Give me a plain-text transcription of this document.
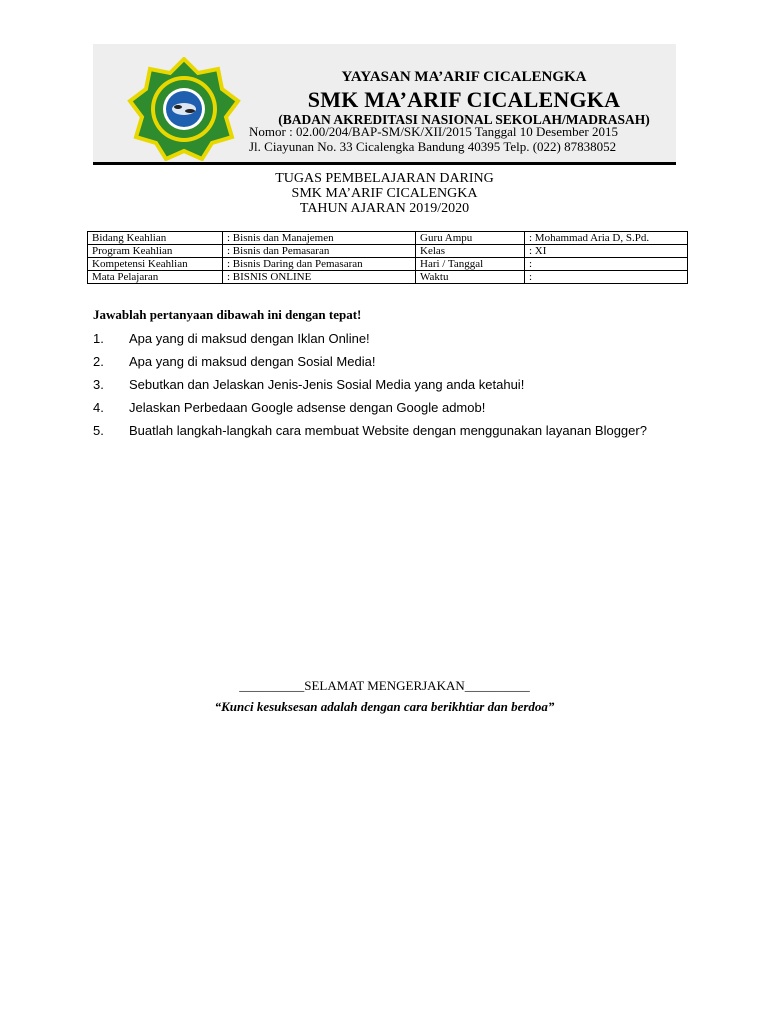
YAYASAN MA’ARIF CICALENGKA
SMK MA’ARIF CICALENGKA
(BADAN AKREDITASI NASIONAL SEKOLAH/MADRASAH)
Nomor : 02.00/204/BAP-SM/SK/XII/2015 Tanggal 10 Desember 2015
Jl. Ciayunan No. 33 Cicalengka Bandung 40395 Telp. (022) 87838052
TUGAS PEMBELAJARAN DARING
SMK MA’ARIF CICALENGKA
TAHUN AJARAN 2019/2020
Bidang Keahlian	: Bisnis dan Manajemen	Guru Ampu	: Mohammad Aria D, S.Pd.
Program Keahlian	: Bisnis dan Pemasaran	Kelas	: XI
Kompetensi Keahlian	: Bisnis Daring dan Pemasaran	Hari / Tanggal	:
Mata Pelajaran	: BISNIS ONLINE	Waktu	:
Jawablah pertanyaan dibawah ini dengan tepat!
1. Apa yang di maksud dengan Iklan Online!
2. Apa yang di maksud dengan Sosial Media!
3. Sebutkan dan Jelaskan Jenis-Jenis Sosial Media yang anda ketahui!
4. Jelaskan Perbedaan Google adsense dengan Google admob!
5. Buatlah langkah-langkah cara membuat Website dengan menggunakan layanan Blogger?
__________SELAMAT MENGERJAKAN__________
“Kunci kesuksesan adalah dengan cara berikhtiar dan berdoa”
